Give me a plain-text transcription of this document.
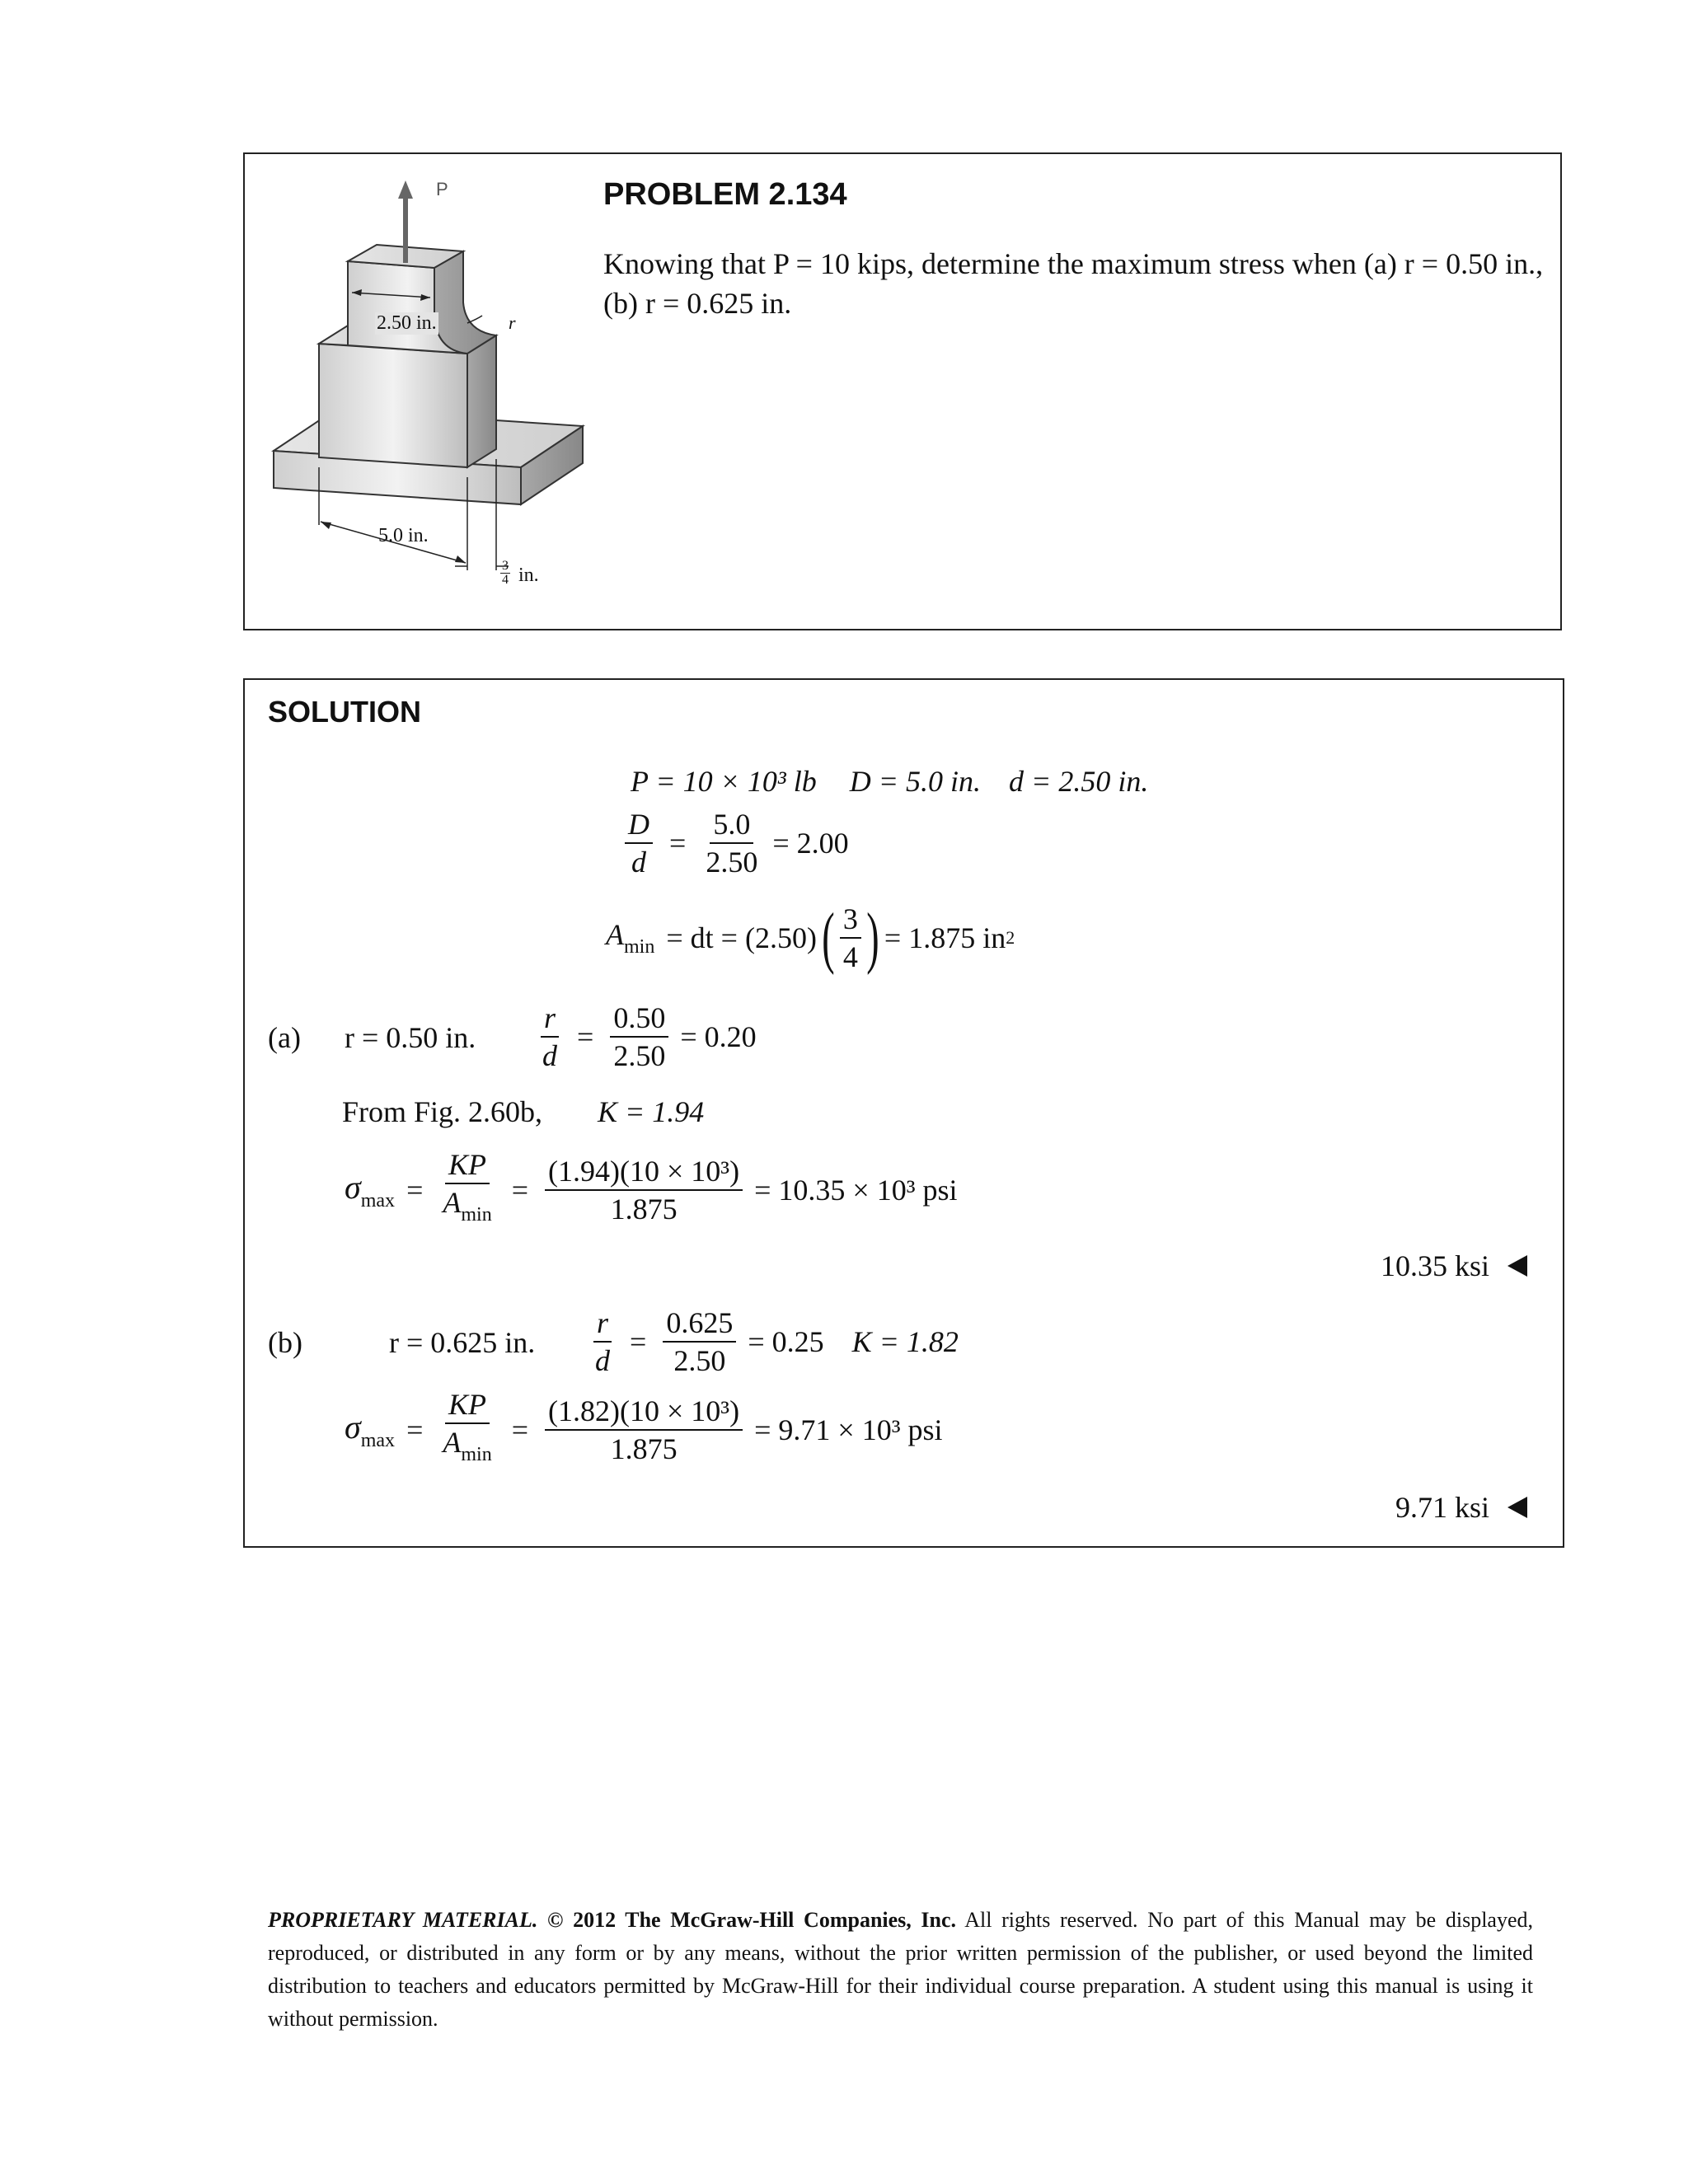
P
2.50 in.	r
5.0 in.
$\frac{3}{4}$ in.
PROBLEM 2.134
Knowing that P = 10 kips, determine the maximum stress when (a) r = 0.50 in.,
(b) r = 0.625 in.
SOLUTION
P = 10 × 10³ lb D = 5.0 in. d = 2.50 in.
$\frac{D}{d} = \frac{5.0}{2.50} = 2.00$
$A_{min}$ = dt = (2.50) ( $\frac{3}{4}$ ) = 1.875 in 2
(a) r = 0.50 in. $\frac{r}{d} = \frac{0.50}{2.50} = 0.20$
From Fig. 2.60b, K = 1.94
$\sigma_{max} = \frac{KP}{A_{min}} = \frac{\text{(1.94)(10 × 10³)}}{1.875} = 10.35 \times 10^3$ psi
10.35 ksi
(b)	r = 0.625 in. $\frac{r}{d} = \frac{0.625}{2.50} = 0.25$ K = 1.82
$\sigma_{max} = \frac{KP}{A_{min}} = \frac{\text{(1.82)(10 × 10³)}}{1.875} = 9.71 \times 10^3$ psi
9.71 ksi
PROPRIETARY MATERIAL. © 2012 The McGraw-Hill Companies, Inc. All rights reserved. No part of this Manual may be displayed, reproduced, or distributed in any form or by any means, without the prior written permission of the publisher, or used beyond the limited distribution to teachers and educators permitted by McGraw-Hill for their individual course preparation. A student using this manual is using it without permission.
